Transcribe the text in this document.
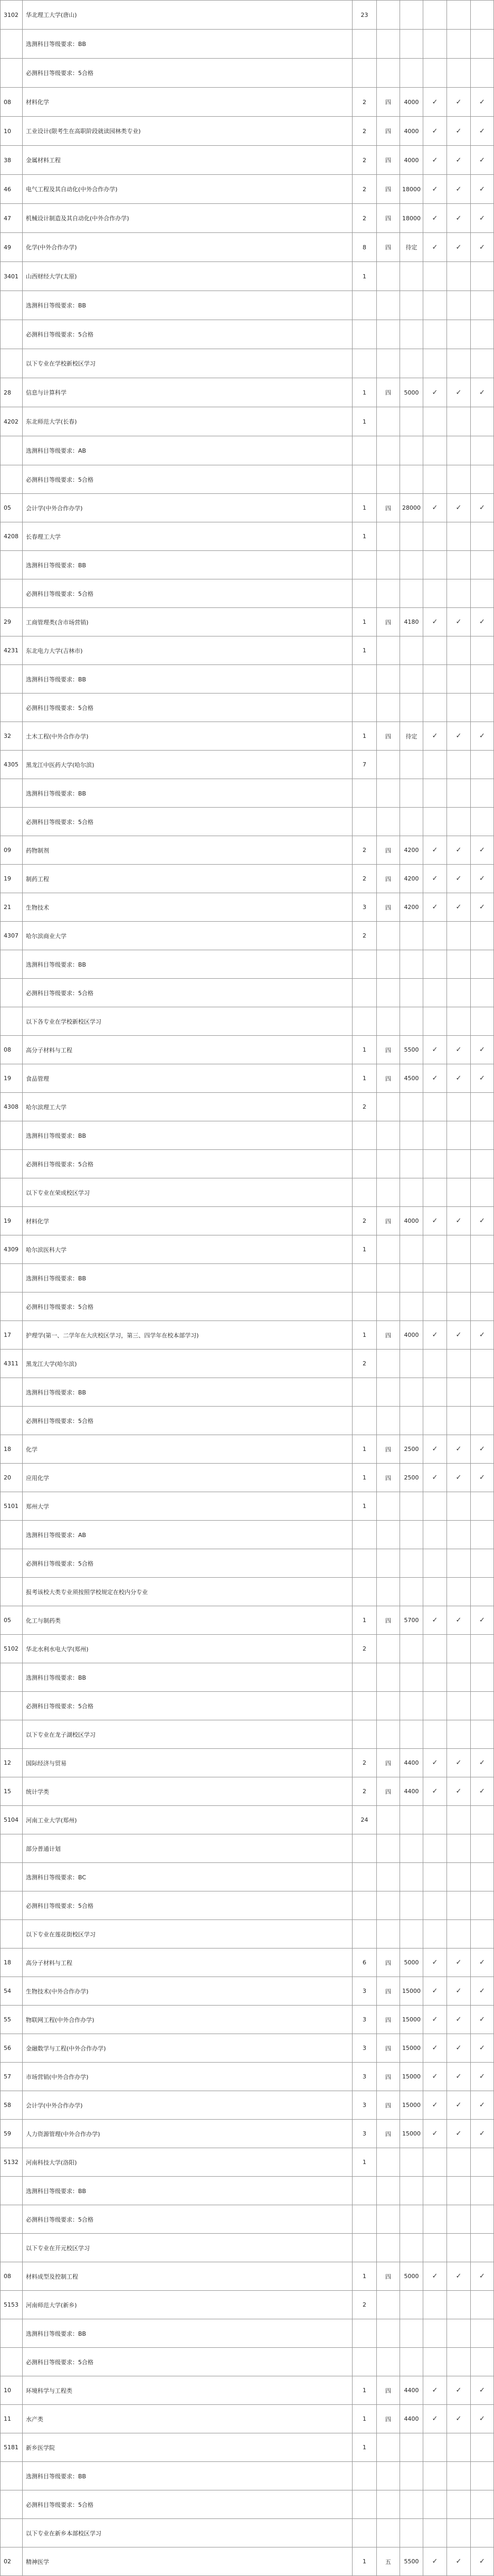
3102	华北理工大学(唐山)	23
选测科目等级要求：BB
必测科目等级要求：5合格
08	材料化学	2	四	4000	✓	✓	✓
10	工业设计(限考生在高职阶段就读园林类专业)	2	四	4000	✓	✓	✓
38	金属材料工程	2	四	4000	✓	✓	✓
46	电气工程及其自动化(中外合作办学)	2	四	18000	✓	✓	✓
47	机械设计制造及其自动化(中外合作办学)	2	四	18000	✓	✓	✓
49	化学(中外合作办学)	8	四	待定	✓	✓	✓
3401	山西财经大学(太原)	1
选测科目等级要求：BB
必测科目等级要求：5合格
以下专业在学校新校区学习
28	信息与计算科学	1	四	5000	✓	✓	✓
4202	东北师范大学(长春)	1
选测科目等级要求：AB
必测科目等级要求：5合格
05	会计学(中外合作办学)	1	四	28000	✓	✓	✓
4208	长春理工大学	1
选测科目等级要求：BB
必测科目等级要求：5合格
29	工商管理类(含市场营销)	1	四	4180	✓	✓	✓
4231	东北电力大学(吉林市)	1
选测科目等级要求：BB
必测科目等级要求：5合格
32	土木工程(中外合作办学)	1	四	待定	✓	✓	✓
4305	黑龙江中医药大学(哈尔滨)	7
选测科目等级要求：BB
必测科目等级要求：5合格
09	药物制剂	2	四	4200	✓	✓	✓
19	制药工程	2	四	4200	✓	✓	✓
21	生物技术	3	四	4200	✓	✓	✓
4307	哈尔滨商业大学	2
选测科目等级要求：BB
必测科目等级要求：5合格
以下各专业在学校新校区学习
08	高分子材料与工程	1	四	5500	✓	✓	✓
19	食品管理	1	四	4500	✓	✓	✓
4308	哈尔滨理工大学	2
选测科目等级要求：BB
必测科目等级要求：5合格
以下专业在荣成校区学习
19	材料化学	2	四	4000	✓	✓	✓
4309	哈尔滨医科大学	1
选测科目等级要求：BB
必测科目等级要求：5合格
17	护理学(第一、二学年在大庆校区学习，第三、四学年在校本部学习)	1	四	4000	✓	✓	✓
4311	黑龙江大学(哈尔滨)	2
选测科目等级要求：BB
必测科目等级要求：5合格
18	化学	1	四	2500	✓	✓	✓
20	应用化学	1	四	2500	✓	✓	✓
5101	郑州大学	1
选测科目等级要求：AB
必测科目等级要求：5合格
报考该校大类专业须按照学校规定在校内分专业
05	化工与制药类	1	四	5700	✓	✓	✓
5102	华北水利水电大学(郑州)	2
选测科目等级要求：BB
必测科目等级要求：5合格
以下专业在龙子湖校区学习
12	国际经济与贸易	2	四	4400	✓	✓	✓
15	统计学类	2	四	4400	✓	✓	✓
5104	河南工业大学(郑州)	24
部分普通计划
选测科目等级要求：BC
必测科目等级要求：5合格
以下专业在莲花街校区学习
18	高分子材料与工程	6	四	5000	✓	✓	✓
54	生物技术(中外合作办学)	3	四	15000	✓	✓	✓
55	物联网工程(中外合作办学)	3	四	15000	✓	✓	✓
56	金融数学与工程(中外合作办学)	3	四	15000	✓	✓	✓
57	市场营销(中外合作办学)	3	四	15000	✓	✓	✓
58	会计学(中外合作办学)	3	四	15000	✓	✓	✓
59	人力资源管理(中外合作办学)	3	四	15000	✓	✓	✓
5132	河南科技大学(洛阳)	1
选测科目等级要求：BB
必测科目等级要求：5合格
以下专业在开元校区学习
08	材料成型及控制工程	1	四	5000	✓	✓	✓
5153	河南师范大学(新乡)	2
选测科目等级要求：BB
必测科目等级要求：5合格
10	环境科学与工程类	1	四	4400	✓	✓	✓
11	水产类	1	四	4400	✓	✓	✓
5181	新乡医学院	1
选测科目等级要求：BB
必测科目等级要求：5合格
以下专业在新乡本部校区学习
02	精神医学	1	五	5500	✓	✓	✓
